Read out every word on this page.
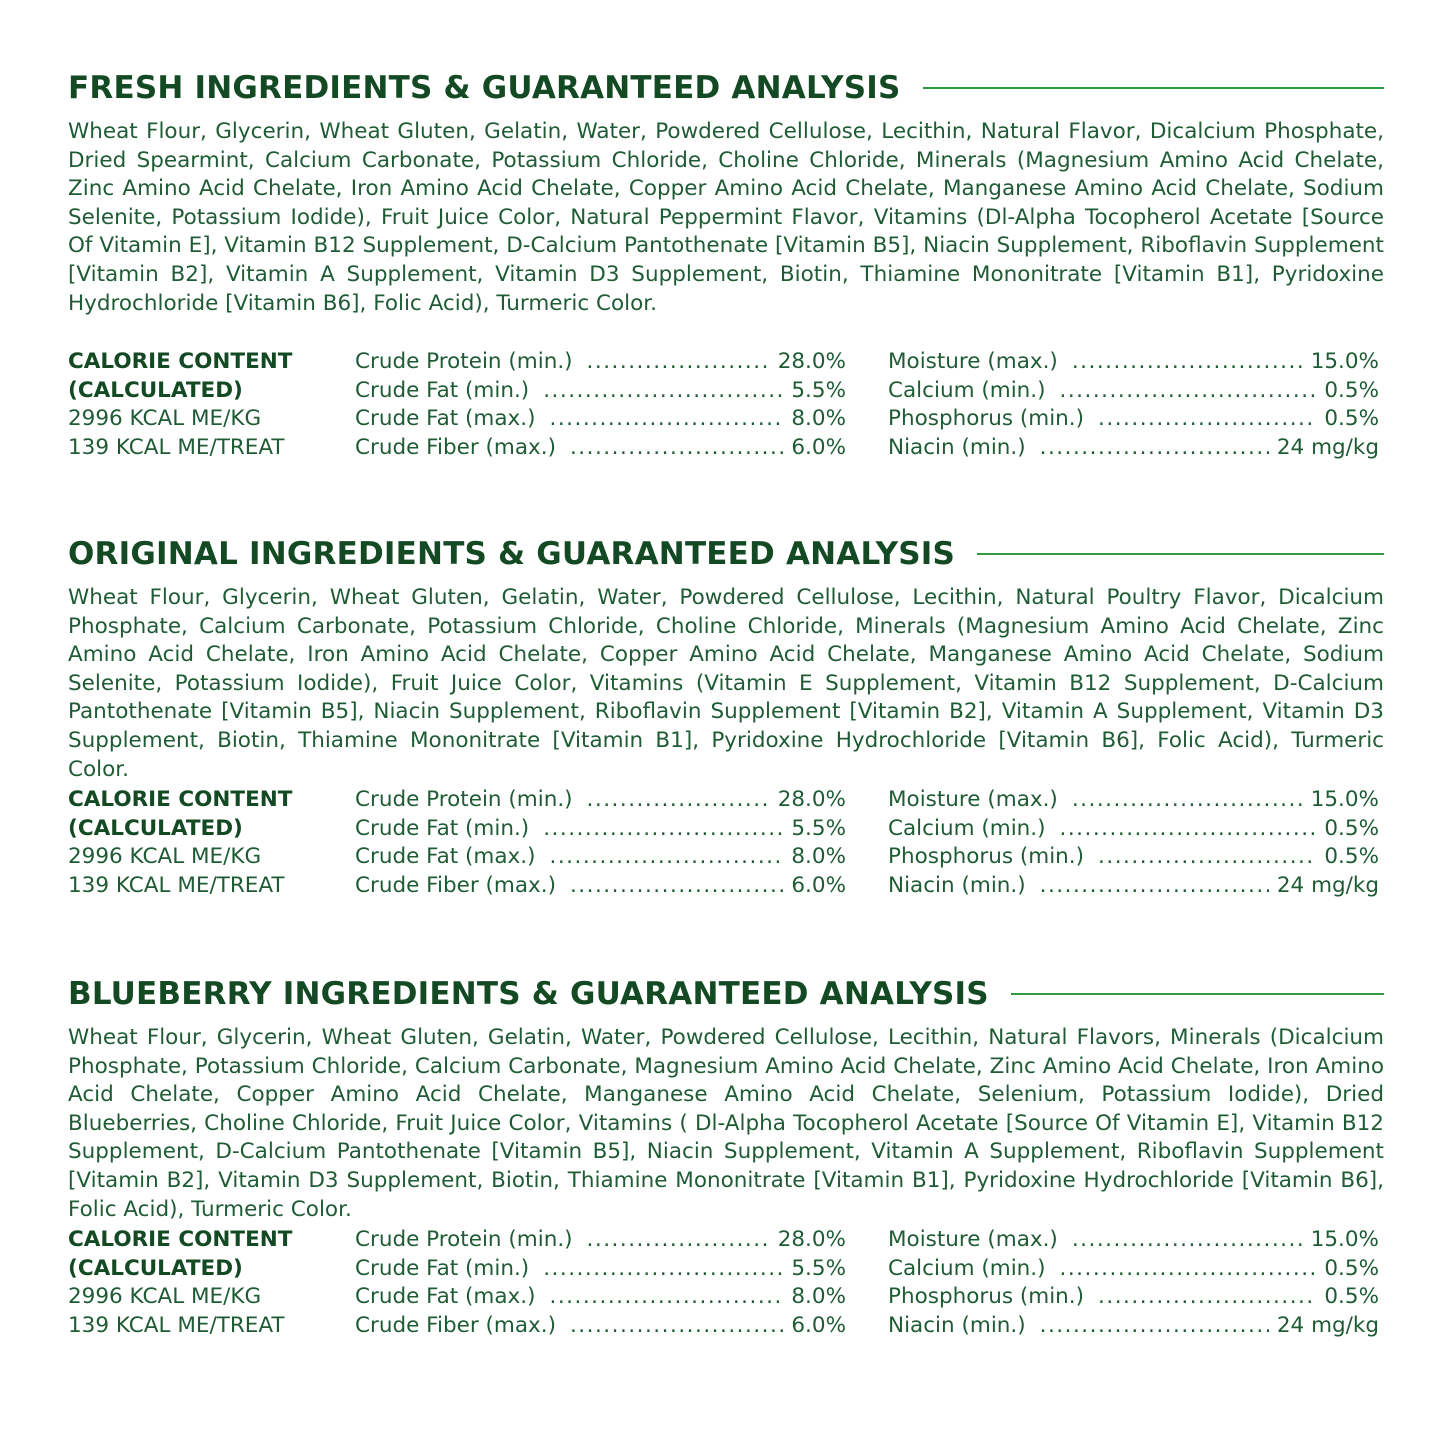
FRESH INGREDIENTS & GUARANTEED ANALYSIS
Wheat Flour, Glycerin, Wheat Gluten, Gelatin, Water, Powdered Cellulose, Lecithin, Natural Flavor, Dicalcium Phosphate, Dried Spearmint, Calcium Carbonate, Potassium Chloride, Choline Chloride, Minerals (Magnesium Amino Acid Chelate, Zinc Amino Acid Chelate, Iron Amino Acid Chelate, Copper Amino Acid Chelate, Manganese Amino Acid Chelate, Sodium Selenite, Potassium Iodide), Fruit Juice Color, Natural Peppermint Flavor, Vitamins (Dl-Alpha Tocopherol Acetate [Source Of Vitamin E], Vitamin B12 Supplement, D-Calcium Pantothenate [Vitamin B5], Niacin Supplement, Riboflavin Supplement [Vitamin B2], Vitamin A Supplement, Vitamin D3 Supplement, Biotin, Thiamine Mononitrate [Vitamin B1], Pyridoxine Hydrochloride [Vitamin B6], Folic Acid), Turmeric Color.
CALORIE CONTENT
(CALCULATED)
2996 KCAL ME/KG
139 KCAL ME/TREAT
Crude Protein (min.) .....	28.0%
Crude Fat (min.) .....	5.5%
Crude Fat (max.) .....	8.0%
Crude Fiber (max.) .....	6.0%
Moisture (max.) .....	15.0%
Calcium (min.) .....	0.5%
Phosphorus (min.) .....	0.5%
Niacin (min.) .....	24 mg/kg
ORIGINAL INGREDIENTS & GUARANTEED ANALYSIS
Wheat Flour, Glycerin, Wheat Gluten, Gelatin, Water, Powdered Cellulose, Lecithin, Natural Poultry Flavor, Dicalcium Phosphate, Calcium Carbonate, Potassium Chloride, Choline Chloride, Minerals (Magnesium Amino Acid Chelate, Zinc Amino Acid Chelate, Iron Amino Acid Chelate, Copper Amino Acid Chelate, Manganese Amino Acid Chelate, Sodium Selenite, Potassium Iodide), Fruit Juice Color, Vitamins (Vitamin E Supplement, Vitamin B12 Supplement, D-Calcium Pantothenate [Vitamin B5], Niacin Supplement, Riboflavin Supplement [Vitamin B2], Vitamin A Supplement, Vitamin D3 Supplement, Biotin, Thiamine Mononitrate [Vitamin B1], Pyridoxine Hydrochloride [Vitamin B6], Folic Acid), Turmeric Color.
CALORIE CONTENT
(CALCULATED)
2996 KCAL ME/KG
139 KCAL ME/TREAT
Crude Protein (min.) .....	28.0%
Crude Fat (min.) .....	5.5%
Crude Fat (max.) .....	8.0%
Crude Fiber (max.) .....	6.0%
Moisture (max.) .....	15.0%
Calcium (min.) .....	0.5%
Phosphorus (min.) .....	0.5%
Niacin (min.) .....	24 mg/kg
BLUEBERRY INGREDIENTS & GUARANTEED ANALYSIS
Wheat Flour, Glycerin, Wheat Gluten, Gelatin, Water, Powdered Cellulose, Lecithin, Natural Flavors, Minerals (Dicalcium Phosphate, Potassium Chloride, Calcium Carbonate, Magnesium Amino Acid Chelate, Zinc Amino Acid Chelate, Iron Amino Acid Chelate, Copper Amino Acid Chelate, Manganese Amino Acid Chelate, Selenium, Potassium Iodide), Dried Blueberries, Choline Chloride, Fruit Juice Color, Vitamins ( Dl-Alpha Tocopherol Acetate [Source Of Vitamin E], Vitamin B12 Supplement, D-Calcium Pantothenate [Vitamin B5], Niacin Supplement, Vitamin A Supplement, Riboflavin Supplement [Vitamin B2], Vitamin D3 Supplement, Biotin, Thiamine Mononitrate [Vitamin B1], Pyridoxine Hydrochloride [Vitamin B6], Folic Acid), Turmeric Color.
CALORIE CONTENT
(CALCULATED)
2996 KCAL ME/KG
139 KCAL ME/TREAT
Crude Protein (min.) .....	28.0%
Crude Fat (min.) .....	5.5%
Crude Fat (max.) .....	8.0%
Crude Fiber (max.) .....	6.0%
Moisture (max.) .....	15.0%
Calcium (min.) .....	0.5%
Phosphorus (min.) .....	0.5%
Niacin (min.) .....	24 mg/kg
